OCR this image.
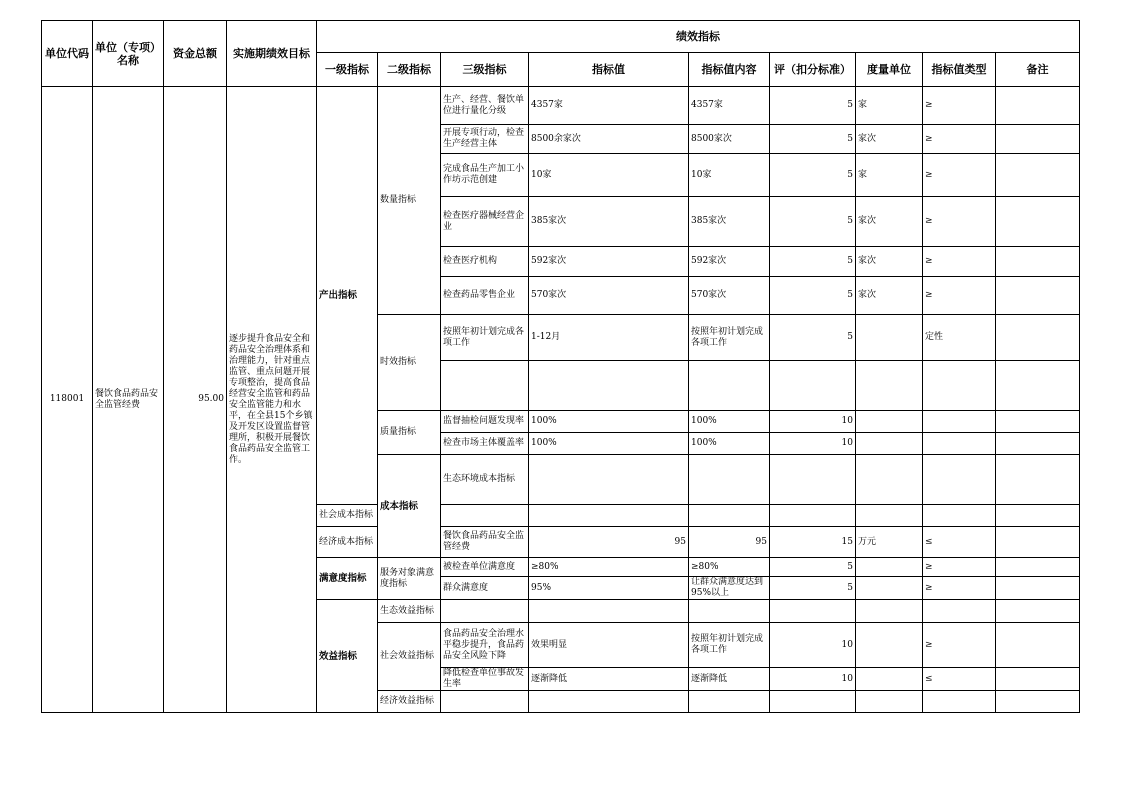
单位代码	单位（专项）名称	资金总额	实施期绩效目标	绩效指标									
				一级指标	二级指标	三级指标	指标值	指标值内容	评（扣分标准）	度量单位	指标值类型	备注	
118001	餐饮食品药品安全监管经费	95.00	逐步提升食品安全和药品安全治理体系和治理能力，针对重点监管、重点问题开展专项整治，提高食品经营安全监管和药品安全监管能力和水平，在全县15个乡镇及开发区设置监督管理所，积极开展餐饮食品药品安全监管工作。	产出指标	数量指标	生产、经营、餐饮单位进行量化分级	4357家	4357家	5	家	≥		
						开展专项行动，检查生产经营主体	8500余家次	8500家次	5	家次	≥		
						完成食品生产加工小作坊示范创建	10家	10家	5	家	≥		
						检查医疗器械经营企业	385家次	385家次	5	家次	≥		
						检查医疗机构	592家次	592家次	5	家次	≥		
						检查药品零售企业	570家次	570家次	5	家次	≥		
					时效指标	按照年初计划完成各项工作	1-12月	按照年初计划完成各项工作	5		定性		

					质量指标	监督抽检问题发现率	100%	100%	10				
						检查市场主体覆盖率	100%	100%	10				
					成本指标	生态环境成本指标							
				社会成本指标									
				经济成本指标		餐饮食品药品安全监管经费	95	95	15	万元	≤		
				满意度指标	服务对象满意度指标	被检查单位满意度	≥80%	≥80%	5		≥		
						群众满意度	95%	让群众满意度达到95%以上	5		≥		
				效益指标	生态效益指标								
					社会效益指标	食品药品安全治理水平稳步提升，食品药品安全风险下降	效果明显	按照年初计划完成各项工作	10		≥		
						降低检查单位事故发生率	逐渐降低	逐渐降低	10		≤		
					经济效益指标								
